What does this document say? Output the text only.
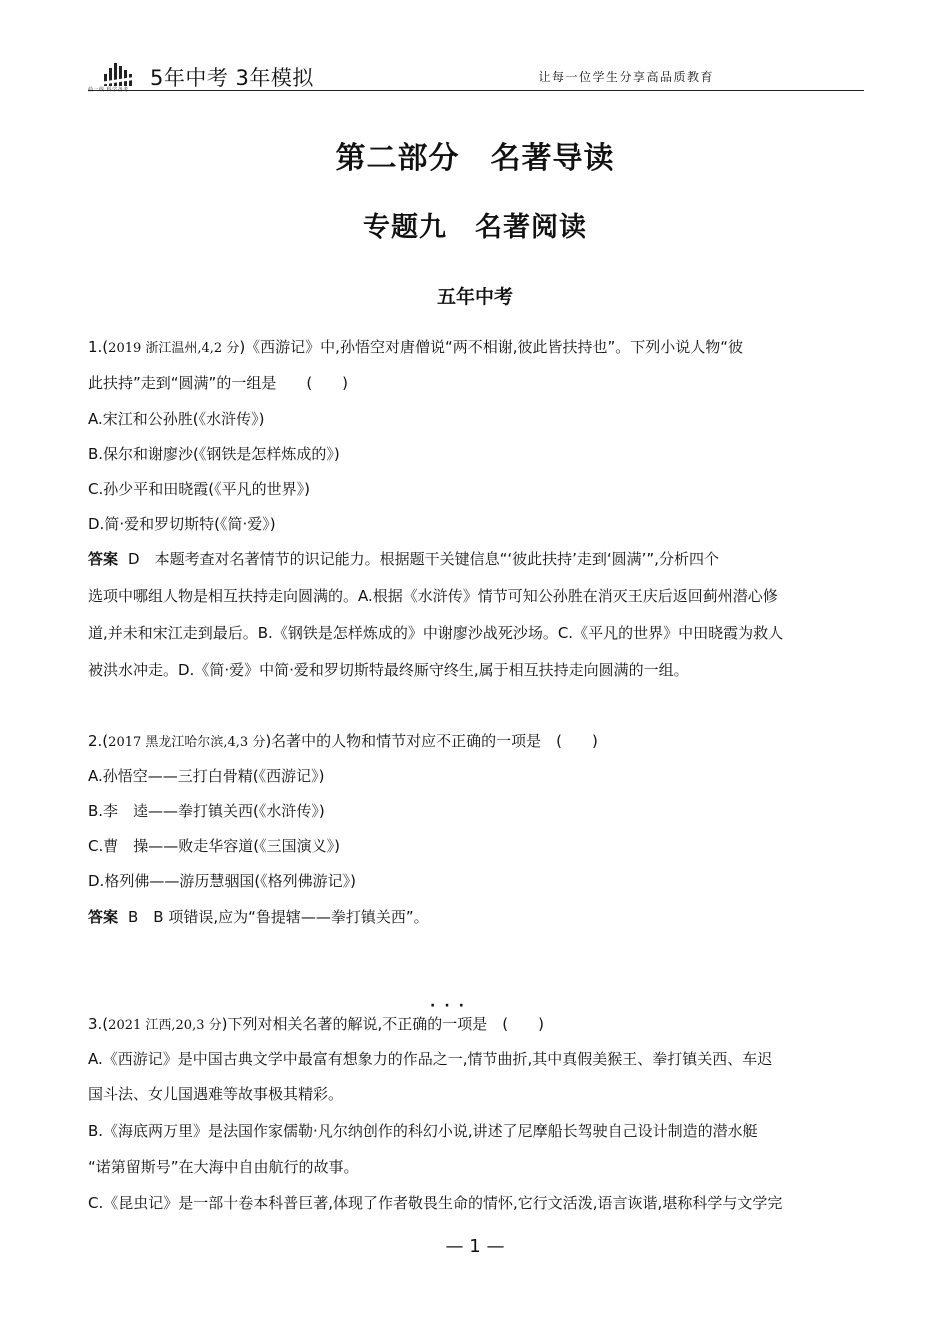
曲一线 科学备考 5年中考 3年模拟	让每一位学生分享高品质教育
第二部分　名著导读
专题九　名著阅读
五年中考
1.(2019 浙江温州,4,2 分)《西游记》中,孙悟空对唐僧说“两不相谢,彼此皆扶持也”。下列小说人物“彼
此扶持”走到“圆满”的一组是　　(　　)
A.宋江和公孙胜(《水浒传》)
B.保尔和谢廖沙(《钢铁是怎样炼成的》)
C.孙少平和田晓霞(《平凡的世界》)
D.简·爱和罗切斯特(《简·爱》)
答案 D　本题考查对名著情节的识记能力。根据题干关键信息“‘彼此扶持’走到‘圆满’”,分析四个
选项中哪组人物是相互扶持走向圆满的。A.根据《水浒传》情节可知公孙胜在消灭王庆后返回蓟州潜心修
道,并未和宋江走到最后。B.《钢铁是怎样炼成的》中谢廖沙战死沙场。C.《平凡的世界》中田晓霞为救人
被洪水冲走。D.《简·爱》中简·爱和罗切斯特最终厮守终生,属于相互扶持走向圆满的一组。
2.(2017 黑龙江哈尔滨,4,3 分)名著中的人物和情节对应不正确的一项是　(　　)
A.孙悟空——三打白骨精(《西游记》)
B.李　逵——拳打镇关西(《水浒传》)
C.曹　操——败走华容道(《三国演义》)
D.格列佛——游历慧骃国(《格列佛游记》)
答案 B　B 项错误,应为“鲁提辖——拳打镇关西”。
···
3.(2021 江西,20,3 分)下列对相关名著的解说,不正确的一项是　(　　)
A.《西游记》是中国古典文学中最富有想象力的作品之一,情节曲折,其中真假美猴王、拳打镇关西、车迟
国斗法、女儿国遇难等故事极其精彩。
B.《海底两万里》是法国作家儒勒·凡尔纳创作的科幻小说,讲述了尼摩船长驾驶自己设计制造的潜水艇
“诺第留斯号”在大海中自由航行的故事。
C.《昆虫记》是一部十卷本科普巨著,体现了作者敬畏生命的情怀,它行文活泼,语言诙谐,堪称科学与文学完
— 1 —
